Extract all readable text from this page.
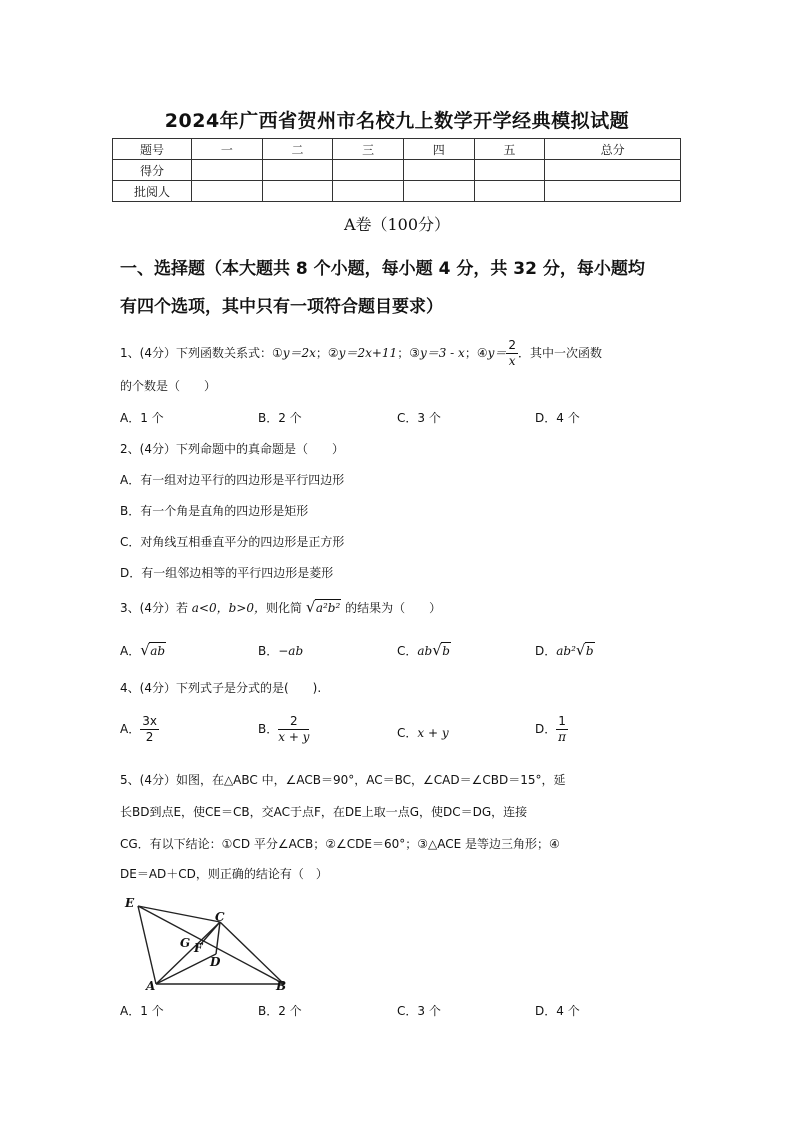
2024年广西省贺州市名校九上数学开学经典模拟试题
题号	一	二	三	四	五	总分
得分						
批阅人						
A卷（100分）
一、选择题（本大题共 8 个小题，每小题 4 分，共 32 分，每小题均
有四个选项，其中只有一项符合题目要求）
1、(4分）下列函数关系式：①y＝2x；②y＝2x+11；③y＝3 - x；④y＝ $\frac{2}{x}$ ．其中一次函数
的个数是（　　）
A．1 个	B．2 个	C．3 个	D．4 个
2、(4分）下列命题中的真命题是（　　）
A．有一组对边平行的四边形是平行四边形
B．有一个角是直角的四边形是矩形
C．对角线互相垂直平分的四边形是正方形
D．有一组邻边相等的平行四边形是菱形
3、(4分）若 a<0，b>0，则化简 √ a²b² 的结果为（　　）
A． √ ab	B．−ab	C．ab √ b	D．ab² √ b
4、(4分）下列式子是分式的是(　　).
A． $\frac{3x}{2}$	B． $\frac{2}{x + y}$	C．x + y	D． $\frac{1}{\pi}$
5、(4分）如图，在△ABC 中，∠ACB＝90°，AC＝BC，∠CAD＝∠CBD＝15°，延
长BD到点E，使CE＝CB，交AC于点F，在DE上取一点G，使DC＝DG，连接
CG．有以下结论：①CD 平分∠ACB；②∠CDE＝60°；③△ACE 是等边三角形；④
DE＝AD＋CD，则正确的结论有（　）
E
C
G F
D
A	B
A．1 个	B．2 个	C．3 个	D．4 个
